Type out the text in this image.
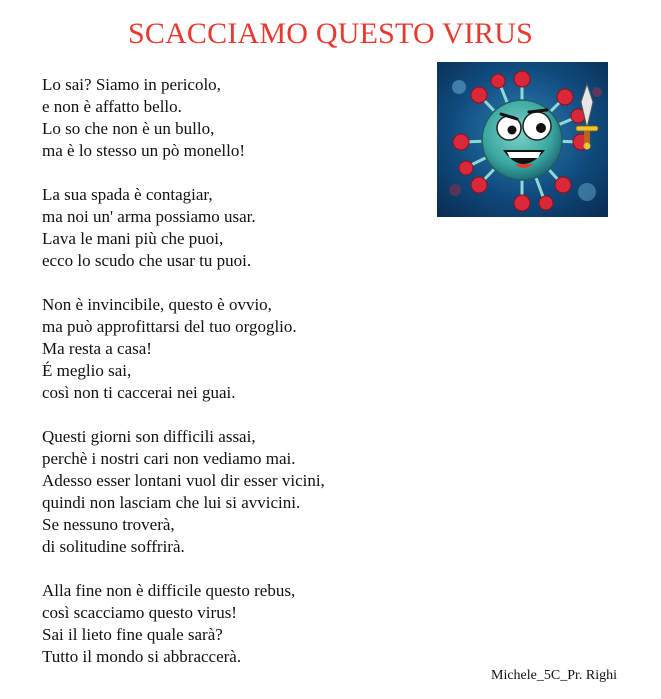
SCACCIAMO QUESTO VIRUS
Lo sai? Siamo in pericolo,
e non è affatto bello.
Lo so che non è un bullo,
ma è lo stesso un pò monello!
La sua spada è contagiar,
ma noi un' arma possiamo usar.
Lava le mani più che puoi,
ecco lo scudo che usar tu puoi.
Non è invincibile, questo è ovvio,
ma può approfittarsi del tuo orgoglio.
Ma resta a casa!
É meglio sai,
così non ti caccerai nei guai.
Questi giorni son difficili assai,
perchè i nostri cari non vediamo mai.
Adesso esser lontani vuol dir esser vicini,
quindi non lasciam che lui si avvicini.
Se nessuno troverà,
di solitudine soffrirà.
Alla fine non è difficile questo rebus,
così scacciamo questo virus!
Sai il lieto fine quale sarà?
Tutto il mondo si abbraccerà.
Michele_5C_Pr. Righi
